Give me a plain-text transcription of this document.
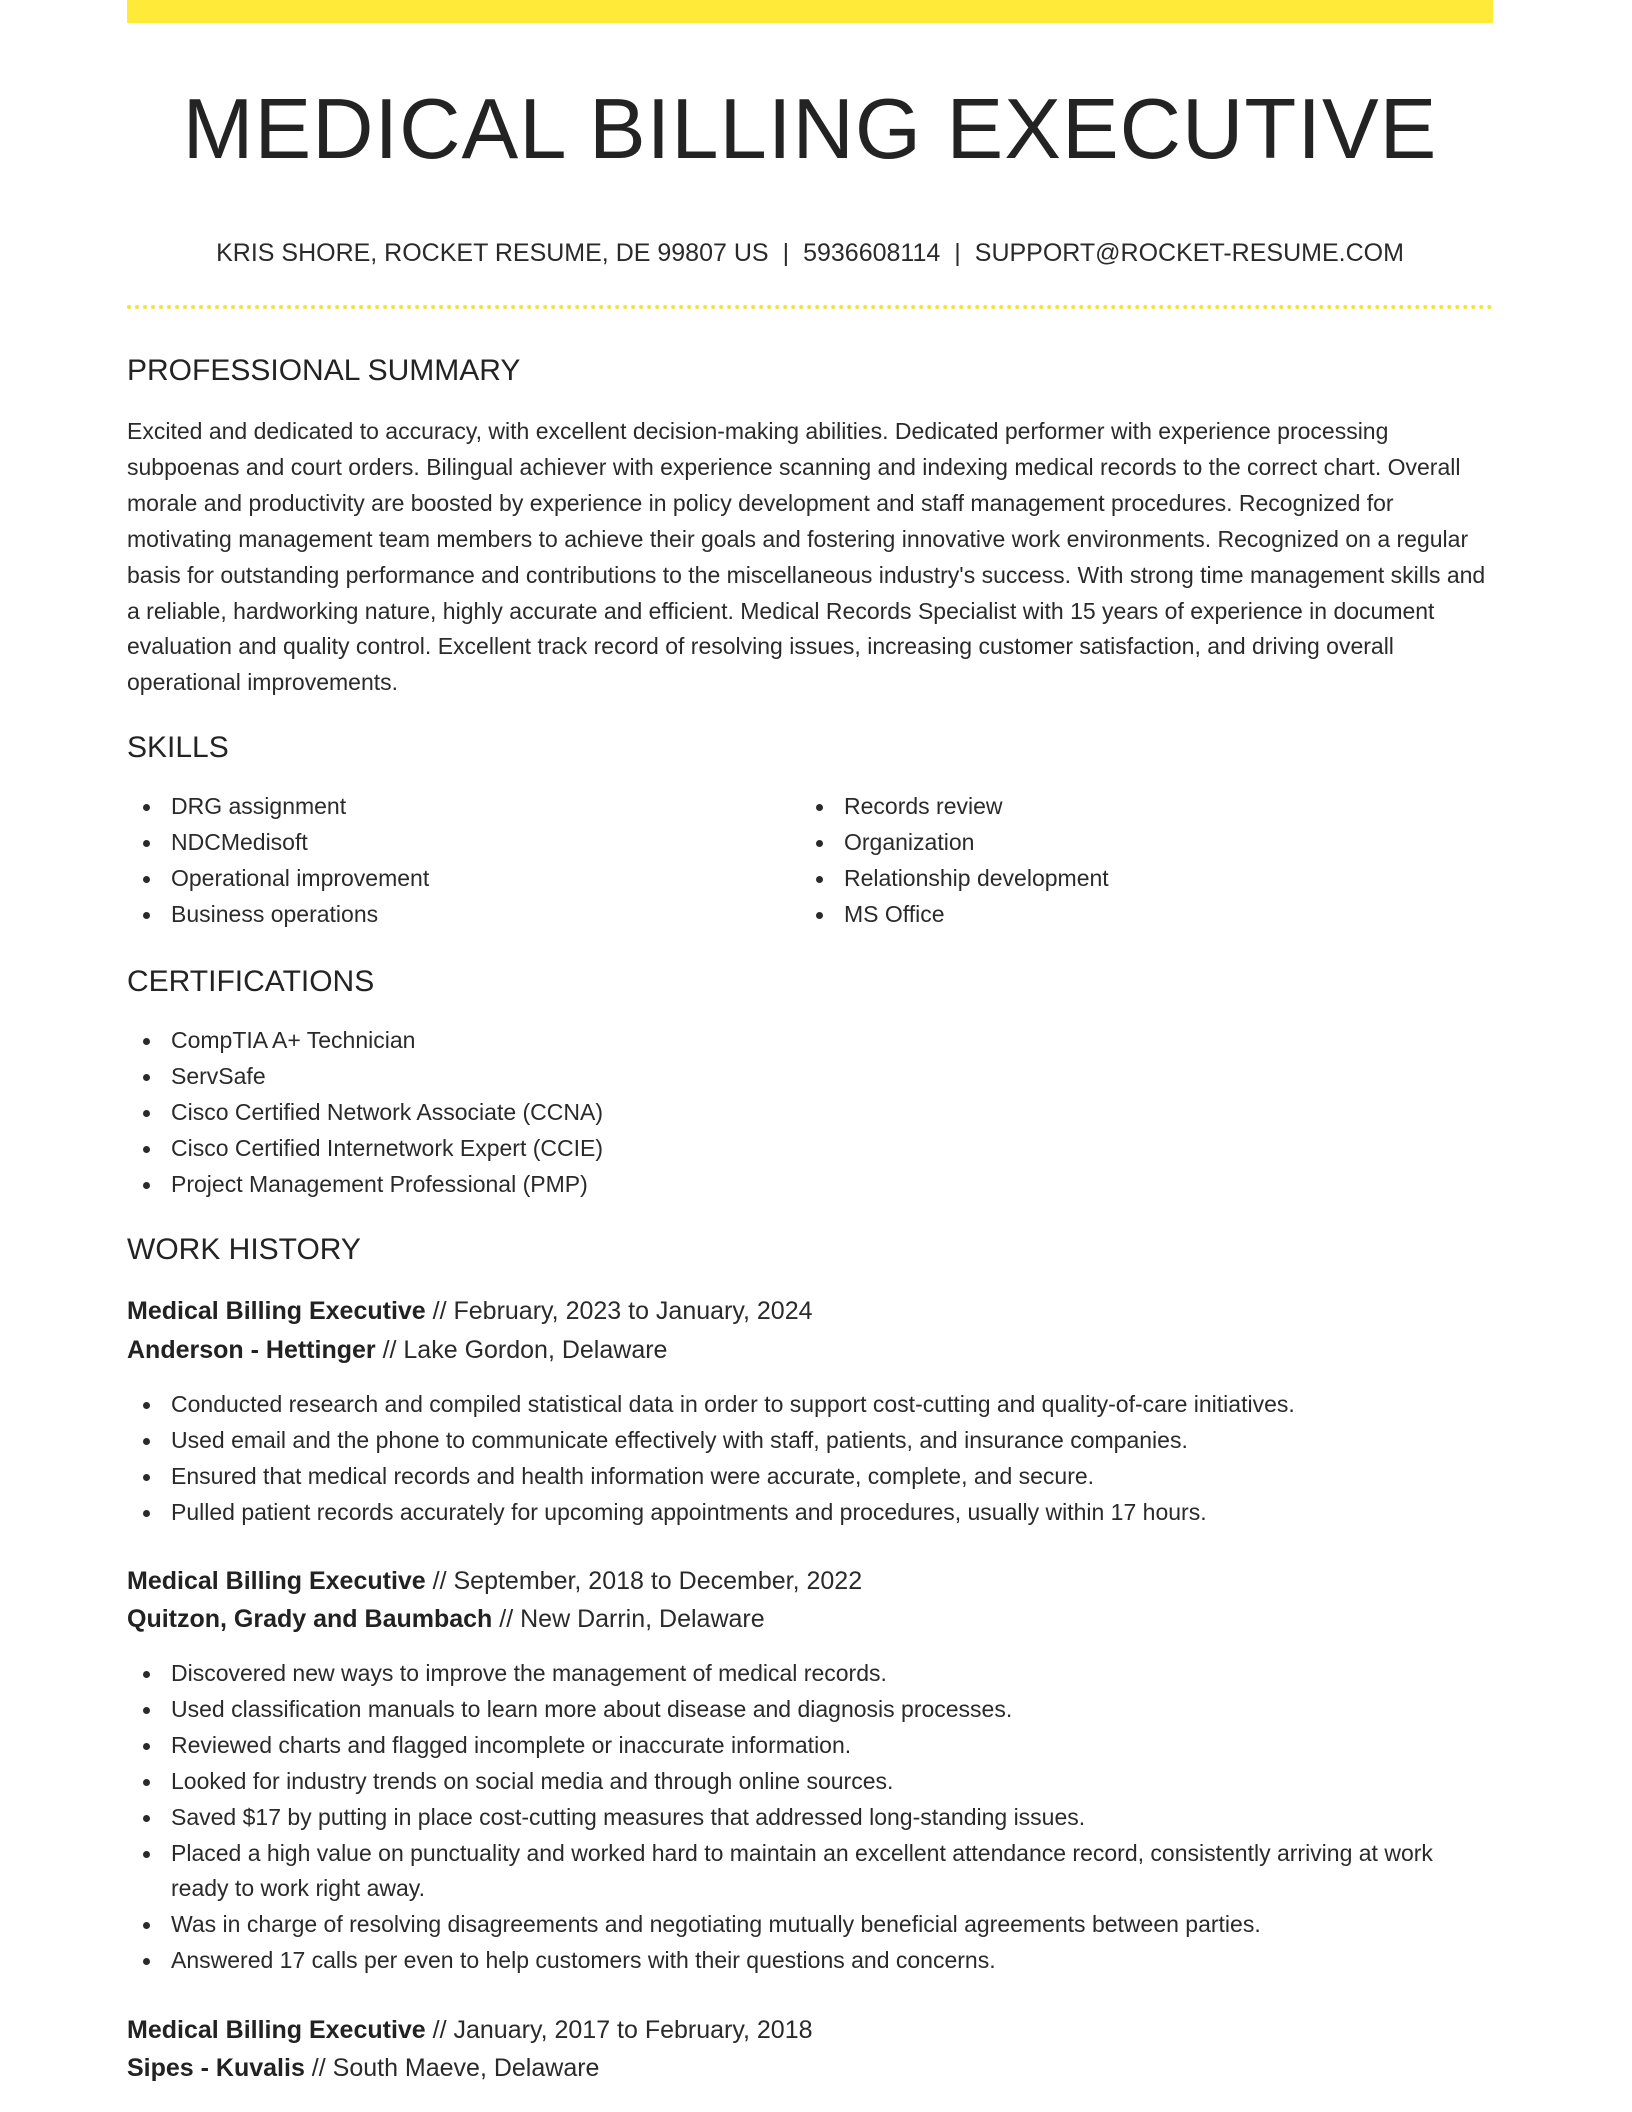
MEDICAL BILLING EXECUTIVE
KRIS SHORE, ROCKET RESUME, DE 99807 US | 5936608114 | SUPPORT@ROCKET-RESUME.COM
PROFESSIONAL SUMMARY
Excited and dedicated to accuracy, with excellent decision-making abilities. Dedicated performer with experience processing subpoenas and court orders. Bilingual achiever with experience scanning and indexing medical records to the correct chart. Overall morale and productivity are boosted by experience in policy development and staff management procedures. Recognized for motivating management team members to achieve their goals and fostering innovative work environments. Recognized on a regular basis for outstanding performance and contributions to the miscellaneous industry's success. With strong time management skills and a reliable, hardworking nature, highly accurate and efficient. Medical Records Specialist with 15 years of experience in document evaluation and quality control. Excellent track record of resolving issues, increasing customer satisfaction, and driving overall operational improvements.
SKILLS
DRG assignment
NDCMedisoft
Operational improvement
Business operations
Records review
Organization
Relationship development
MS Office
CERTIFICATIONS
CompTIA A+ Technician
ServSafe
Cisco Certified Network Associate (CCNA)
Cisco Certified Internetwork Expert (CCIE)
Project Management Professional (PMP)
WORK HISTORY
Medical Billing Executive // February, 2023 to January, 2024
Anderson - Hettinger // Lake Gordon, Delaware
Conducted research and compiled statistical data in order to support cost-cutting and quality-of-care initiatives.
Used email and the phone to communicate effectively with staff, patients, and insurance companies.
Ensured that medical records and health information were accurate, complete, and secure.
Pulled patient records accurately for upcoming appointments and procedures, usually within 17 hours.
Medical Billing Executive // September, 2018 to December, 2022
Quitzon, Grady and Baumbach // New Darrin, Delaware
Discovered new ways to improve the management of medical records.
Used classification manuals to learn more about disease and diagnosis processes.
Reviewed charts and flagged incomplete or inaccurate information.
Looked for industry trends on social media and through online sources.
Saved $17 by putting in place cost-cutting measures that addressed long-standing issues.
Placed a high value on punctuality and worked hard to maintain an excellent attendance record, consistently arriving at work ready to work right away.
Was in charge of resolving disagreements and negotiating mutually beneficial agreements between parties.
Answered 17 calls per even to help customers with their questions and concerns.
Medical Billing Executive // January, 2017 to February, 2018
Sipes - Kuvalis // South Maeve, Delaware
